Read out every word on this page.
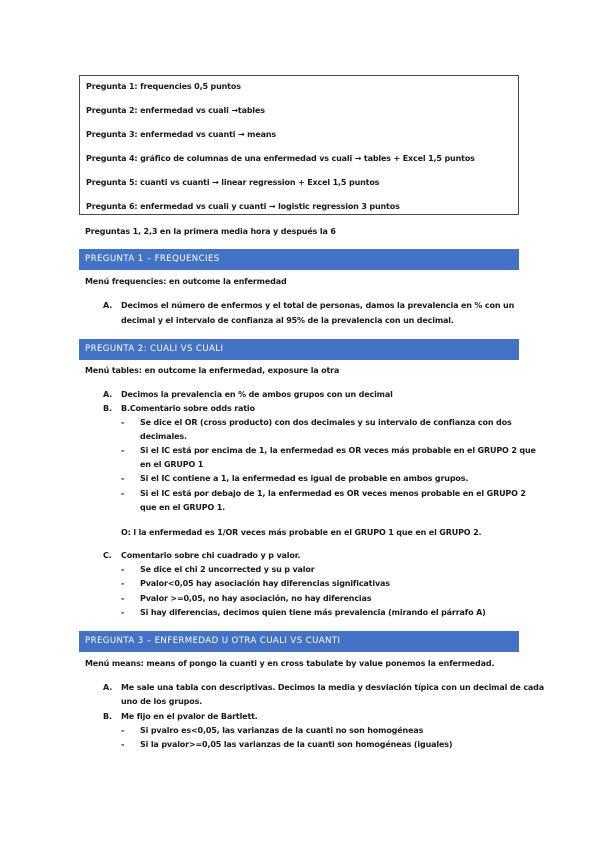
Pregunta 1: frequencies 0,5 puntos
Pregunta 2: enfermedad vs cuali →tables
Pregunta 3: enfermedad vs cuanti → means
Pregunta 4: gráfico de columnas de una enfermedad vs cuali → tables + Excel 1,5 puntos
Pregunta 5: cuanti vs cuanti → linear regression + Excel 1,5 puntos
Pregunta 6: enfermedad vs cuali y cuanti → logistic regression 3 puntos
Preguntas 1, 2,3 en la primera media hora y después la 6
PREGUNTA 1 – FREQUENCIES
Menú frequencies: en outcome la enfermedad
A.	Decimos el número de enfermos y el total de personas, damos la prevalencia en % con un
decimal y el intervalo de confianza al 95% de la prevalencia con un decimal.
PREGUNTA 2: CUALI VS CUALI
Menú tables: en outcome la enfermedad, exposure la otra
A.	Decimos la prevalencia en % de ambos grupos con un decimal
B.	B.Comentario sobre odds ratio
- Se dice el OR (cross producto) con dos decimales y su intervalo de confianza con dos
decimales.
- Si el IC está por encima de 1, la enfermedad es OR veces más probable en el GRUPO 2 que
en el GRUPO 1
- Si el IC contiene a 1, la enfermedad es igual de probable en ambos grupos.
- Si el IC está por debajo de 1, la enfermedad es OR veces menos probable en el GRUPO 2
que en el GRUPO 1.
O: l la enfermedad es 1/OR veces más probable en el GRUPO 1 que en el GRUPO 2.
C.	Comentario sobre chi cuadrado y p valor.
- Se dice el chi 2 uncorrected y su p valor
- Pvalor<0,05 hay asociación hay diferencias significativas
- Pvalor >=0,05, no hay asociación, no hay diferencias
- Si hay diferencias, decimos quien tiene más prevalencia (mirando el párrafo A)
PREGUNTA 3 – ENFERMEDAD U OTRA CUALI VS CUANTI
Menú means: means of pongo la cuanti y en cross tabulate by value ponemos la enfermedad.
A.	Me sale una tabla con descriptivas. Decimos la media y desviación típica con un decimal de cada
uno de los grupos.
B.	Me fijo en el pvalor de Bartlett.
- Si pvalro es<0,05, las varianzas de la cuanti no son homogéneas
- Si la pvalor>=0,05 las varianzas de la cuanti son homogéneas (iguales)
